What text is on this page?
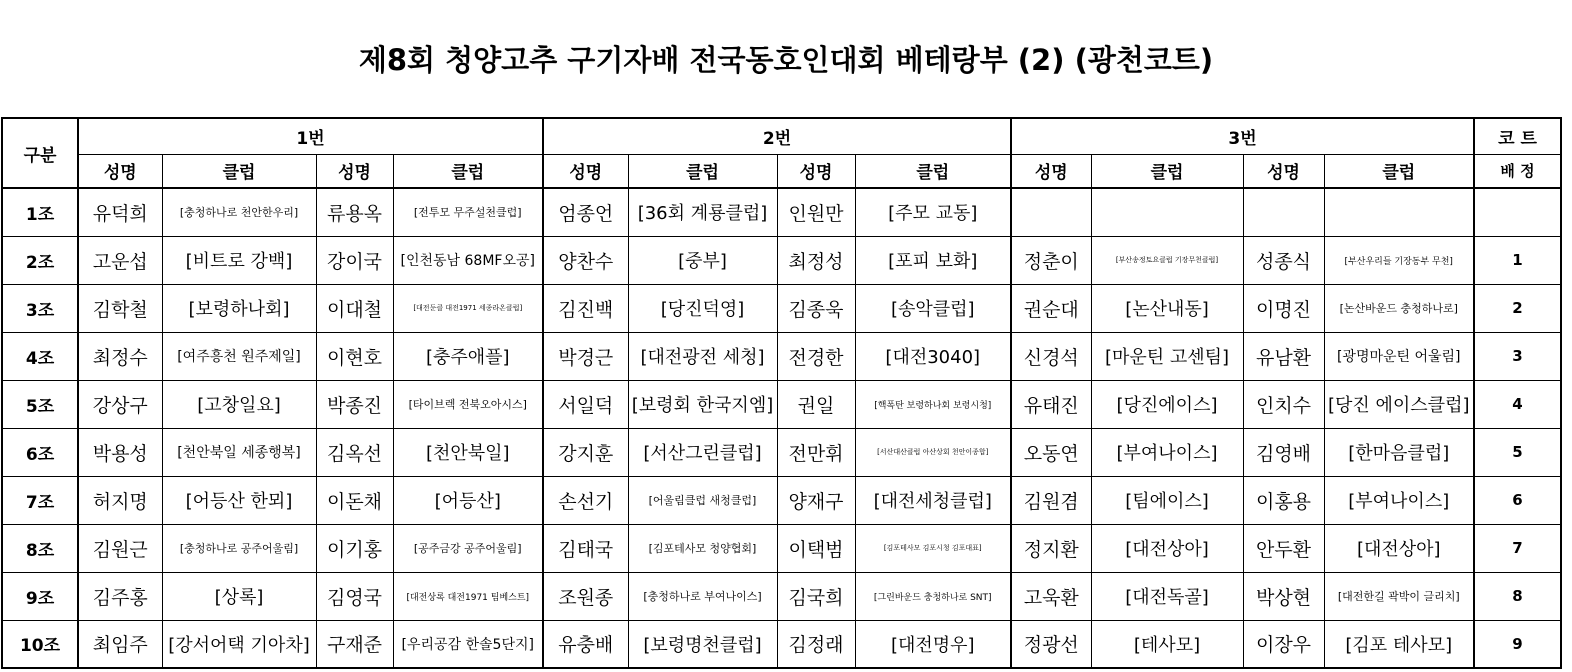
제8회 청양고추 구기자배 전국동호인대회 베테랑부 (2) (광천코트)
구분	1번				2번				3번				코 트
	성명	클럽	성명	클럽	성명	클럽	성명	클럽	성명	클럽	성명	클럽	배 정
1조	유덕희	[충청하나로 천안한우리]	류용옥	[전투모 무주설천클럽]	엄종언	[36회 계룡클럽]	인원만	[주모 교동]					
2조	고운섭	[비트로 강백]	강이국	[인천동남 68MF오공]	양찬수	[중부]	최정성	[포피 보화]	정춘이	[부산송정토요클럽 기장무천클럽]	성종식	[부산우리들 기장동부 무천]	1
3조	김학철	[보령하나회]	이대철	[대전둔클 대전1971 세종라온클럽]	김진백	[당진덕영]	김종욱	[송악클럽]	권순대	[논산내동]	이명진	[논산바운드 충청하나로]	2
4조	최정수	[여주흥천 원주제일]	이현호	[충주애플]	박경근	[대전광전 세청]	전경한	[대전3040]	신경석	[마운틴 고센팀]	유남환	[광명마운틴 어울림]	3
5조	강상구	[고창일요]	박종진	[타이브렉 전북오아시스]	서일덕	[보령회 한국지엠]	권일	[핵폭탄 보령하나회 보령시청]	유태진	[당진에이스]	인치수	[당진 에이스클럽]	4
6조	박용성	[천안북일 세종행복]	김옥선	[천안북일]	강지훈	[서산그린클럽]	전만휘	[서산대산클럽 아산상회 천안이종합]	오동연	[부여나이스]	김영배	[한마음클럽]	5
7조	허지명	[어등산 한뫼]	이돈채	[어등산]	손선기	[어울림클럽 새청클럽]	양재구	[대전세청클럽]	김원겸	[팀에이스]	이홍용	[부여나이스]	6
8조	김원근	[충청하나로 공주어울림]	이기홍	[공주금강 공주어울림]	김태국	[김포테사모 청양협회]	이택범	[김포테사모 김포시청 김포대표]	정지환	[대전상아]	안두환	[대전상아]	7
9조	김주홍	[상록]	김영국	[대전상록 대전1971 팀베스트]	조원종	[충청하나로 부여나이스]	김국희	[그린바운드 충청하나로 SNT]	고욱환	[대전독골]	박상현	[대전한길 곽박이 글리치]	8
10조	최임주	[강서어택 기아차]	구재준	[우리공감 한솔5단지]	유충배	[보령명천클럽]	김정래	[대전명우]	정광선	[테사모]	이장우	[김포 테사모]	9
